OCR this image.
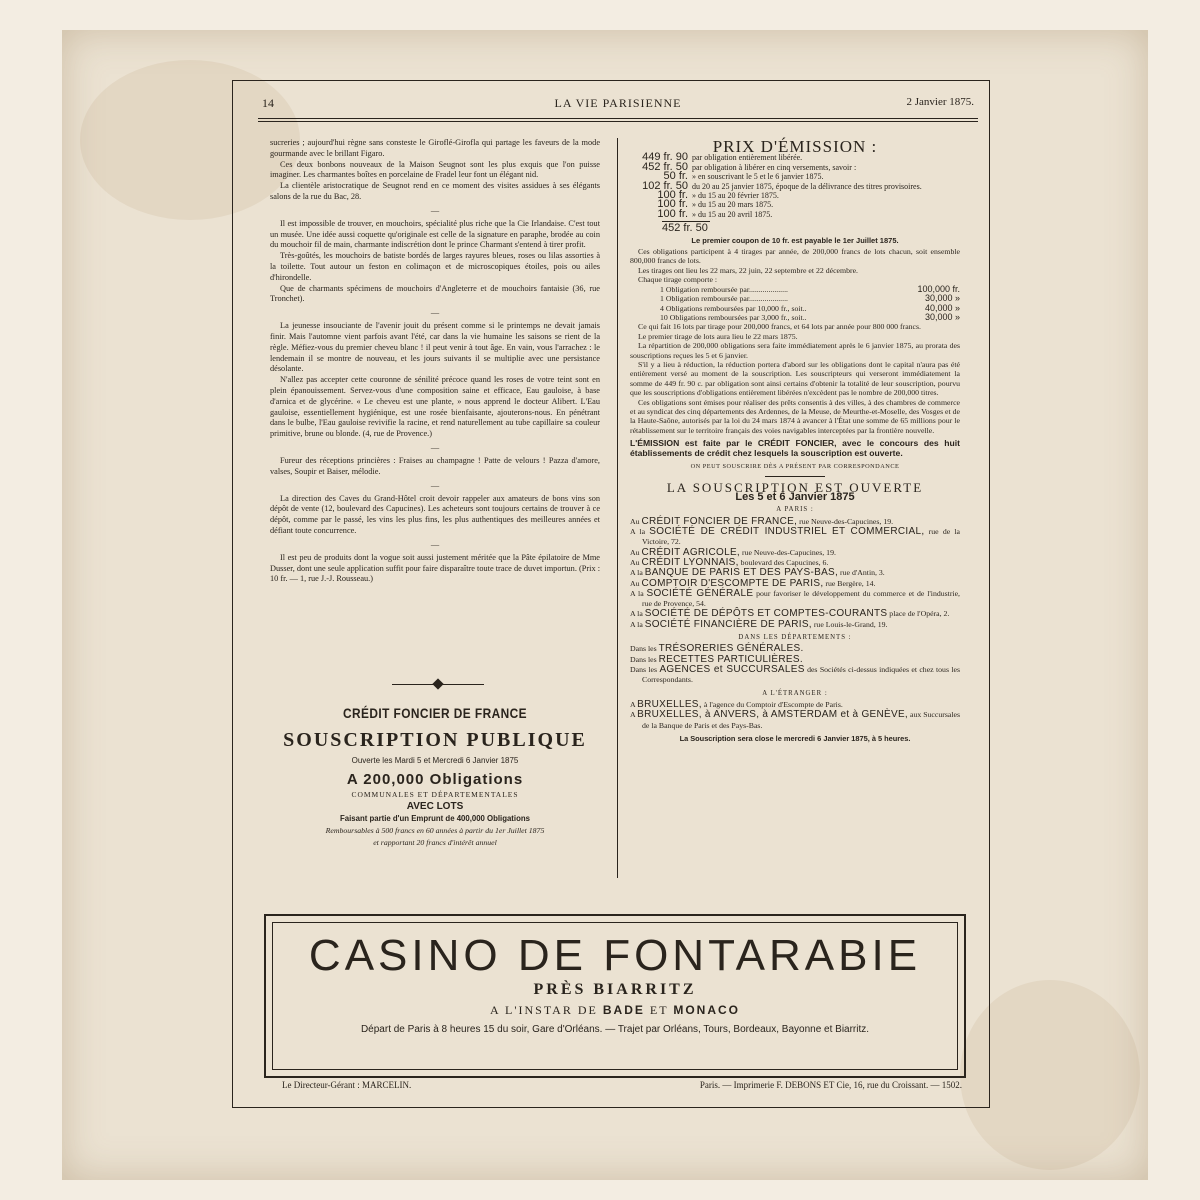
LA VIE PARISIENNE
14	2 Janvier 1875.

sucreries ; aujourd'hui règne sans consteste le Giroflé-Girofla qui partage les faveurs de la mode gourmande avec le brillant Figaro.

Ces deux bonbons nouveaux de la Maison Seugnot sont les plus exquis que l'on puisse imaginer. Les charmantes boîtes en porcelaine de Fradel leur font un élégant nid.

La clientèle aristocratique de Seugnot rend en ce moment des visites assidues à ses élégants salons de la rue du Bac, 28.

—

Il est impossible de trouver, en mouchoirs, spécialité plus riche que la Cie Irlandaise. C'est tout un musée. Une idée aussi coquette qu'originale est celle de la signature en paraphe, brodée au coin du mouchoir fil de main, charmante indiscrétion dont le prince Charmant s'entend à tirer profit.

Très-goûtés, les mouchoirs de batiste bordés de larges rayures bleues, roses ou lilas assorties à la toilette. Tout autour un feston en colimaçon et de microscopiques étoiles, pois ou ailes d'hirondelle.

Que de charmants spécimens de mouchoirs d'Angleterre et de mouchoirs fantaisie (36, rue Tronchet).

—

La jeunesse insouciante de l'avenir jouit du présent comme si le printemps ne devait jamais finir. Mais l'automne vient parfois avant l'été, car dans la vie humaine les saisons se rient de la règle. Méfiez-vous du premier cheveu blanc ! il peut venir à tout âge. En vain, vous l'arrachez : le lendemain il se montre de nouveau, et les jours suivants il se multiplie avec une persistance désolante.

N'allez pas accepter cette couronne de sénilité précoce quand les roses de votre teint sont en plein épanouissement. Servez-vous d'une composition saine et efficace, Eau gauloise, à base d'arnica et de glycérine. « Le cheveu est une plante, » nous apprend le docteur Alibert. L'Eau gauloise, essentiellement hygiénique, est une rosée bienfaisante, ajouterons-nous. En pénétrant dans le bulbe, l'Eau gauloise revivifie la racine, et rend naturellement au tube capillaire sa couleur primitive, brune ou blonde. (4, rue de Provence.)

—

Fureur des réceptions princières : Fraises au champagne ! Patte de velours ! Pazza d'amore, valses, Soupir et Baiser, mélodie.

—

La direction des Caves du Grand-Hôtel croit devoir rappeler aux amateurs de bons vins son dépôt de vente (12, boulevard des Capucines). Les acheteurs sont toujours certains de trouver à ce dépôt, comme par le passé, les vins les plus fins, les plus authentiques des meilleures années et défiant toute concurrence.

—

Il est peu de produits dont la vogue soit aussi justement méritée que la Pâte épilatoire de Mme Dusser, dont une seule application suffit pour faire disparaître toute trace de duvet importun. (Prix : 10 fr. — 1, rue J.-J. Rousseau.)

CRÉDIT FONCIER DE FRANCE
SOUSCRIPTION PUBLIQUE
Ouverte les Mardi 5 et Mercredi 6 Janvier 1875
A 200,000 Obligations
COMMUNALES ET DÉPARTEMENTALES
AVEC LOTS
Faisant partie d'un Emprunt de 400,000 Obligations
Remboursables à 500 francs en 60 années à partir du 1er Juillet 1875
et rapportant 20 francs d'intérêt annuel
PRIX D'ÉMISSION :
449 fr. 90 par obligation entièrement libérée.
452 fr. 50 par obligation à libérer en cinq versements, savoir :
50 fr. » en souscrivant le 5 et le 6 janvier 1875.
102 fr. 50 du 20 au 25 janvier 1875, époque de la délivrance des titres provisoires.
100 fr. » du 15 au 20 février 1875.
100 fr. » du 15 au 20 mars 1875.
100 fr. » du 15 au 20 avril 1875.
452 fr. 50
Le premier coupon de 10 fr. est payable le 1er Juillet 1875.

Ces obligations participent à 4 tirages par année, de 200,000 francs de lots chacun, soit ensemble 800,000 francs de lots.

Les tirages ont lieu les 22 mars, 22 juin, 22 septembre et 22 décembre.

Chaque tirage comporte :

1 Obligation remboursée par....................	100,000 fr.
1 Obligation remboursée par....................	30,000 »
4 Obligations remboursées par 10,000 fr., soit..	40,000 »
10 Obligations remboursées par 3,000 fr., soit..	30,000 »

Ce qui fait 16 lots par tirage pour 200,000 francs, et 64 lots par année pour 800 000 francs.

Le premier tirage de lots aura lieu le 22 mars 1875.

La répartition de 200,000 obligations sera faite immédiatement après le 6 janvier 1875, au prorata des souscriptions reçues les 5 et 6 janvier.

S'il y a lieu à réduction, la réduction portera d'abord sur les obligations dont le capital n'aura pas été entièrement versé au moment de la souscription. Les souscripteurs qui verseront immédiatement la somme de 449 fr. 90 c. par obligation sont ainsi certains d'obtenir la totalité de leur souscription, pourvu que les souscriptions d'obligations entièrement libérées n'excèdent pas le nombre de 200,000 titres.

Ces obligations sont émises pour réaliser des prêts consentis à des villes, à des chambres de commerce et au syndicat des cinq départements des Ardennes, de la Meuse, de Meurthe-et-Moselle, des Vosges et de la Haute-Saône, autorisés par la loi du 24 mars 1874 à avancer à l'État une somme de 65 millions pour le rétablissement sur le territoire français des voies navigables interceptées par la frontière nouvelle.

L'ÉMISSION est faite par le CRÉDIT FONCIER, avec le concours des huit établissements de crédit chez lesquels la souscription est ouverte.
ON PEUT SOUSCRIRE DÈS A PRÉSENT PAR CORRESPONDANCE
LA SOUSCRIPTION EST OUVERTE
Les 5 et 6 Janvier 1875
A PARIS :
Au CRÉDIT FONCIER DE FRANCE, rue Neuve-des-Capucines, 19.
A la SOCIÉTÉ DE CRÉDIT INDUSTRIEL ET COMMERCIAL, rue de la Victoire, 72.
Au CRÉDIT AGRICOLE, rue Neuve-des-Capucines, 19.
Au CRÉDIT LYONNAIS, boulevard des Capucines, 6.
A la BANQUE DE PARIS ET DES PAYS-BAS, rue d'Antin, 3.
Au COMPTOIR D'ESCOMPTE DE PARIS, rue Bergère, 14.
A la SOCIÉTÉ GÉNÉRALE pour favoriser le développement du commerce et de l'industrie, rue de Provence, 54.
A la SOCIÉTÉ DE DÉPÔTS ET COMPTES-COURANTS place de l'Opéra, 2.
A la SOCIÉTÉ FINANCIÈRE DE PARIS, rue Louis-le-Grand, 19.
DANS LES DÉPARTEMENTS :
Dans les TRÉSORERIES GÉNÉRALES.
Dans les RECETTES PARTICULIÈRES.
Dans les AGENCES et SUCCURSALES des Sociétés ci-dessus indiquées et chez tous les Correspondants.
A L'ÉTRANGER :
A BRUXELLES, à l'agence du Comptoir d'Escompte de Paris.
A BRUXELLES, à ANVERS, à AMSTERDAM et à GENÈVE, aux Succursales de la Banque de Paris et des Pays-Bas.
La Souscription sera close le mercredi 6 Janvier 1875, à 5 heures.
CASINO DE FONTARABIE
PRÈS BIARRITZ
A L'INSTAR DE BADE ET MONACO
Départ de Paris à 8 heures 15 du soir, Gare d'Orléans. — Trajet par Orléans, Tours, Bordeaux, Bayonne et Biarritz.
Le Directeur-Gérant : MARCELIN.	Paris. — Imprimerie F. DEBONS ET Cie, 16, rue du Croissant. — 1502.
